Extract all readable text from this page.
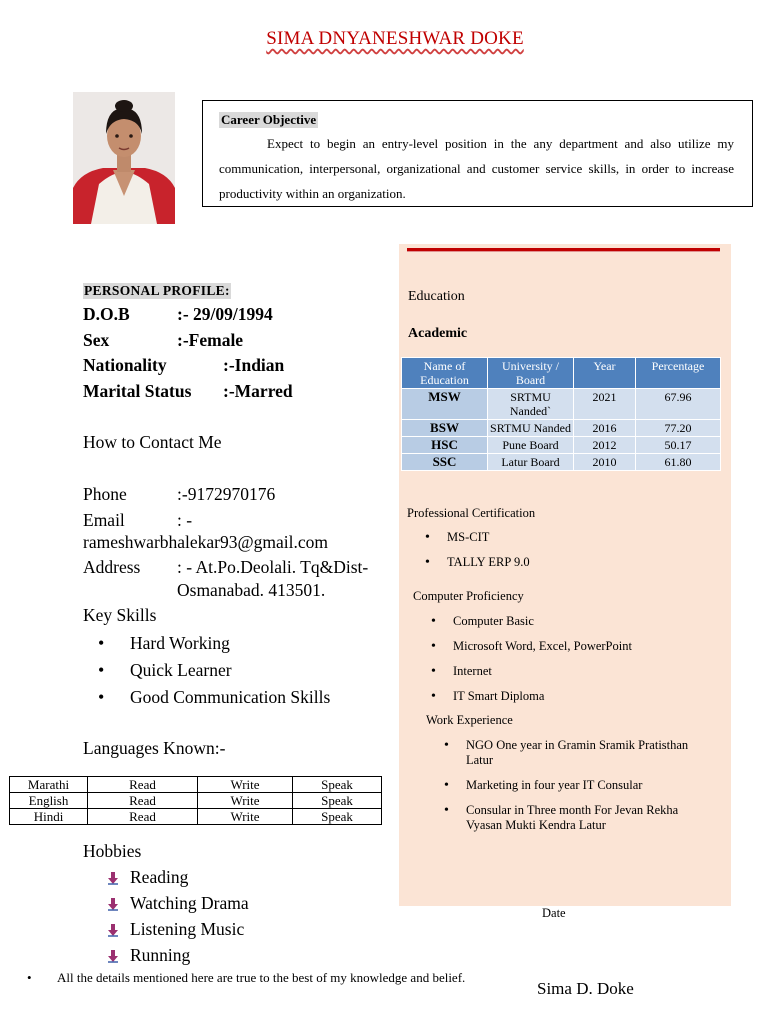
SIMA DNYANESHWAR DOKE
Career Objective
Expect to begin an entry-level position in the any department and also utilize my communication, interpersonal, organizational and customer service skills, in order to increase productivity within an organization.
Education
Academic
Name of Education	University / Board	Year	Percentage
MSW	SRTMU Nanded`	2021	67.96
BSW	SRTMU Nanded	2016	77.20
HSC	Pune Board	2012	50.17
SSC	Latur Board	2010	61.80
Professional Certification
• MS-CIT
• TALLY ERP 9.0
Computer Proficiency
• Computer Basic
• Microsoft Word, Excel, PowerPoint
• Internet
• IT Smart Diploma
Work Experience
• NGO One year in Gramin Sramik Pratisthan Latur
• Marketing in four year IT Consular
• Consular in Three month For Jevan Rekha Vyasan Mukti Kendra Latur
Date
PERSONAL PROFILE:
D.O.B	:- 29/09/1994
Sex	:-Female
Nationality	:-Indian
Marital Status :-Marred
How to Contact Me
Phone	:-9172970176
Email	: -
rameshwarbhalekar93@gmail.com
Address : - At.Po.Deolali. Tq&Dist-
Osmanabad. 413501.
Key Skills
• Hard Working
• Quick Learner
• Good Communication Skills
Languages Known:-
Marathi	Read	Write	Speak
English	Read	Write	Speak
Hindi	Read	Write	Speak
Hobbies
Reading
Watching Drama
Listening Music
Running
• All the details mentioned here are true to the best of my knowledge and belief.
Sima D. Doke
